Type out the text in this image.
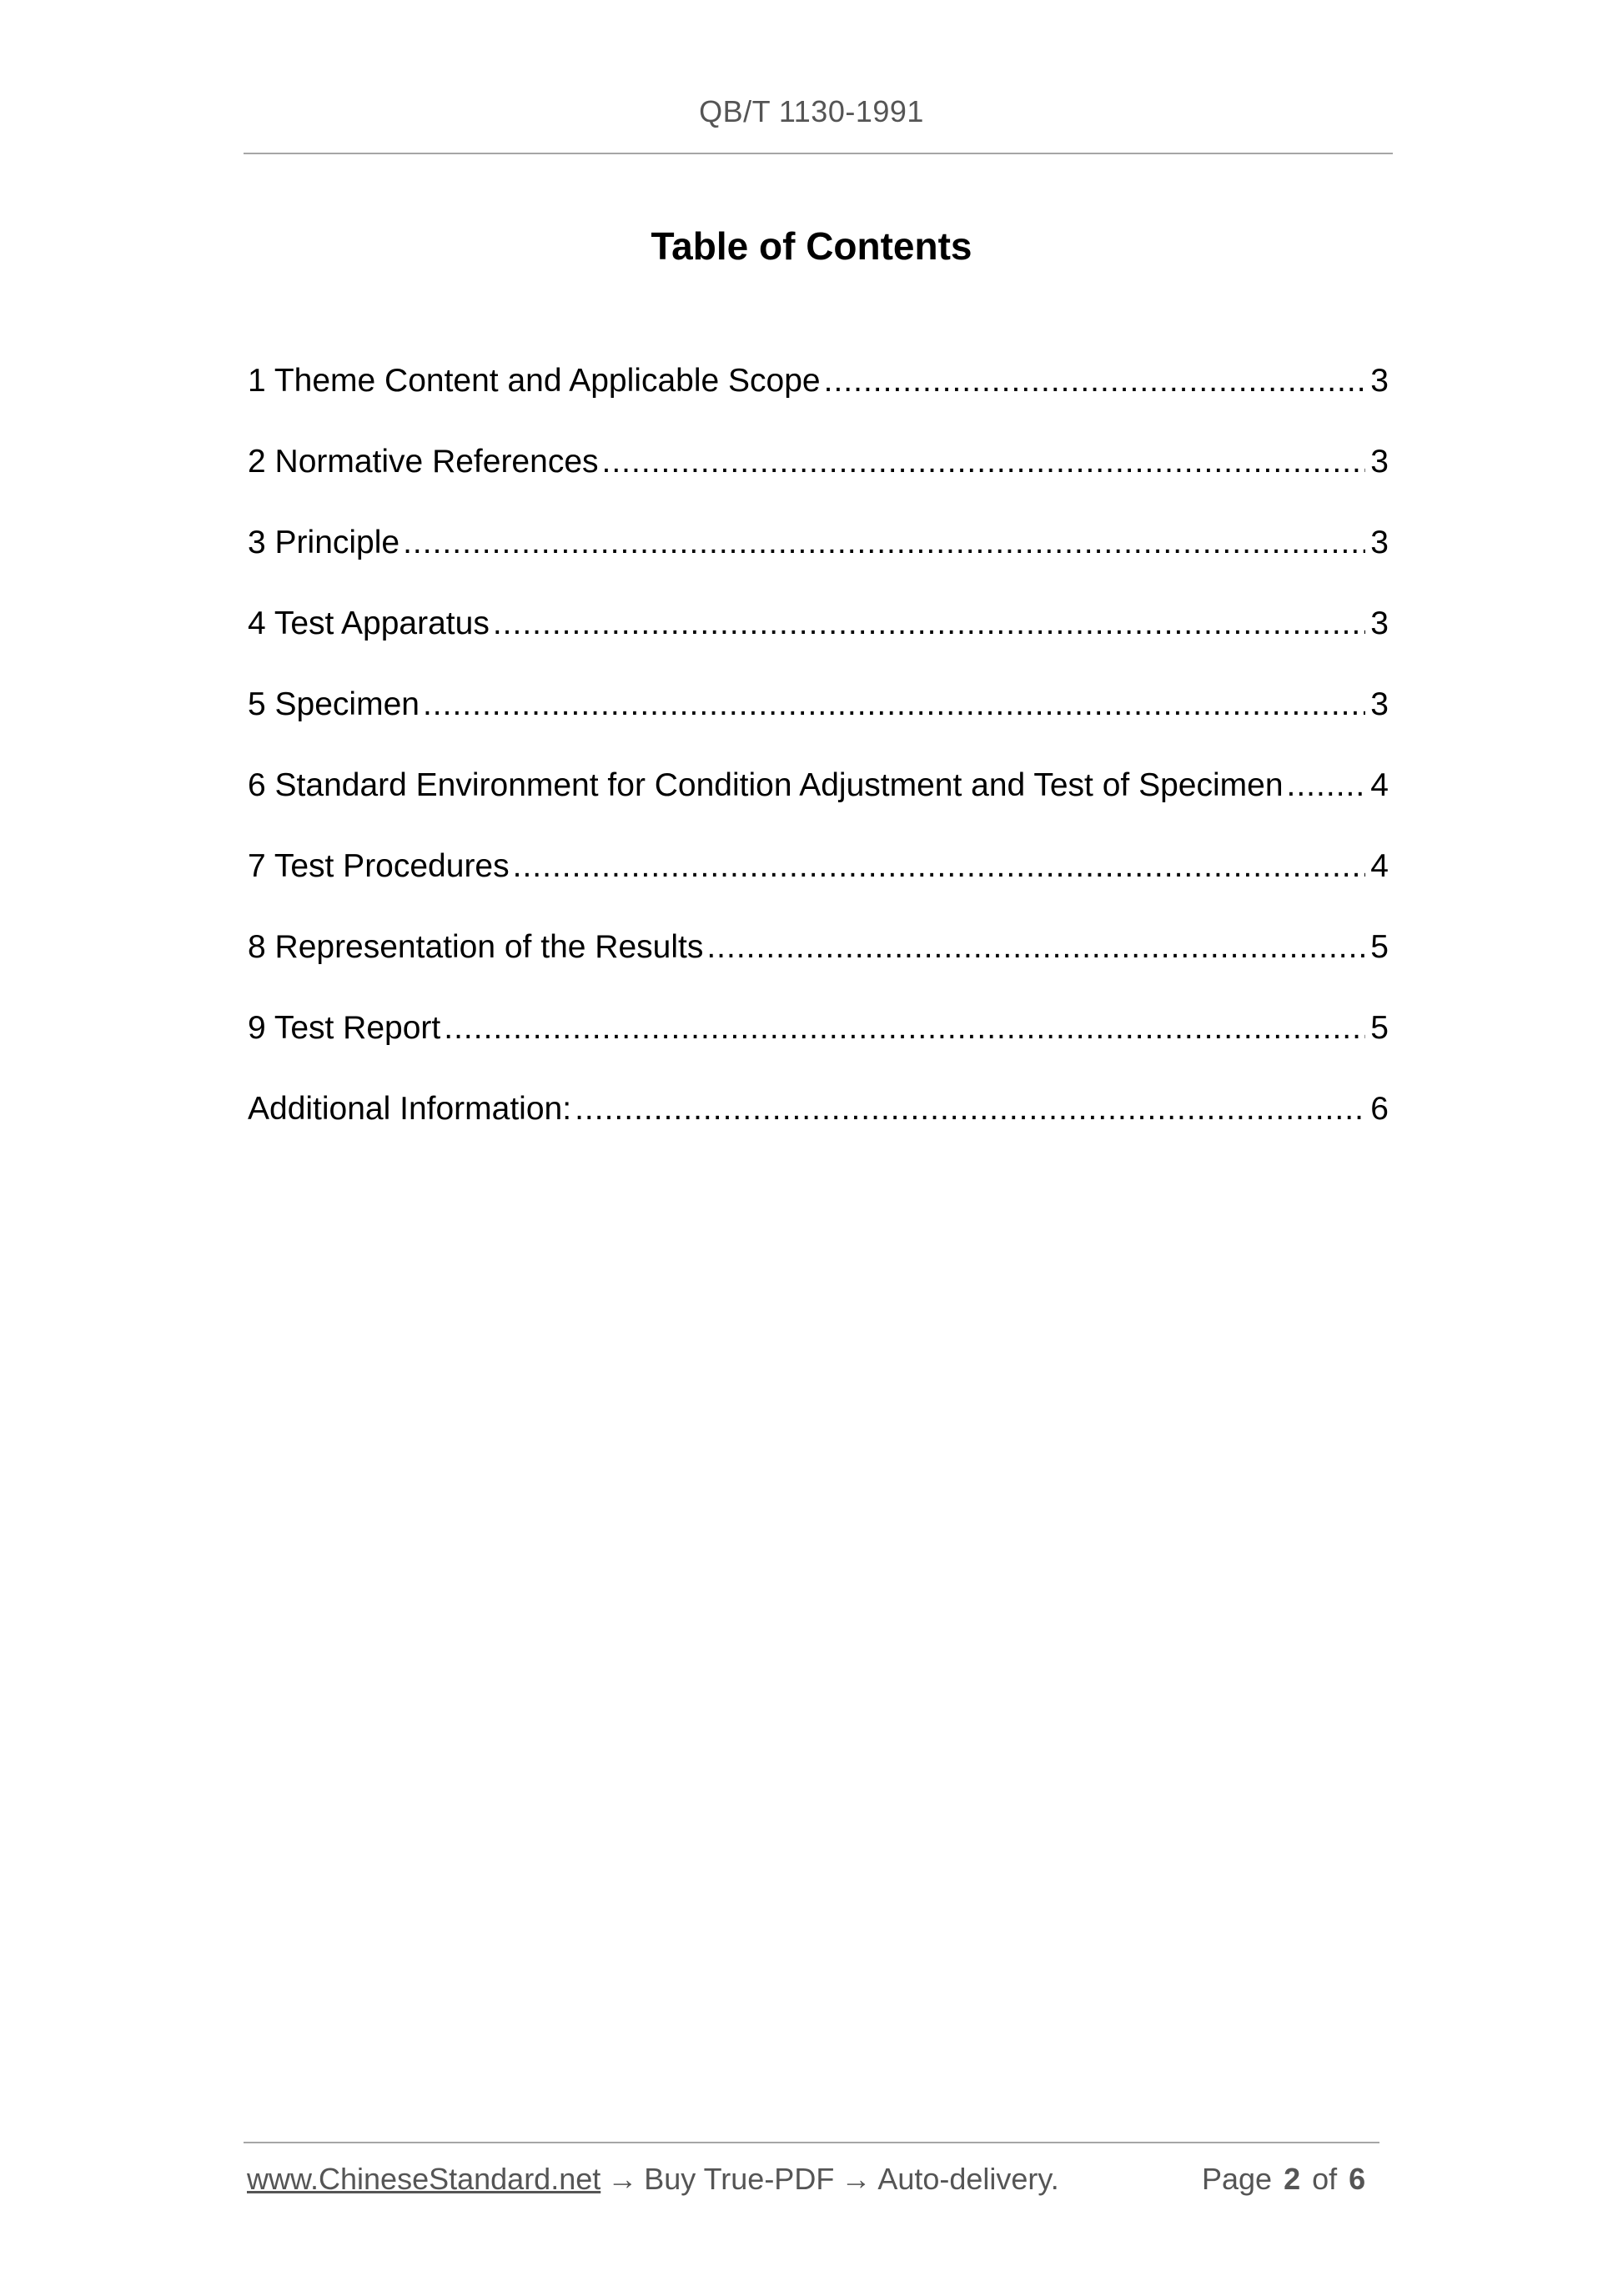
QB/T 1130-1991
Table of Contents
1 Theme Content and Applicable Scope .....	3
2 Normative References .....	3
3 Principle .....	3
4 Test Apparatus .....	3
5 Specimen .....	3
6 Standard Environment for Condition Adjustment and Test of Specimen .....	4
7 Test Procedures .....	4
8 Representation of the Results .....	5
9 Test Report .....	5
Additional Information: .....	6
www.ChineseStandard.net → Buy True-PDF → Auto-delivery.	Page 2 of 6
